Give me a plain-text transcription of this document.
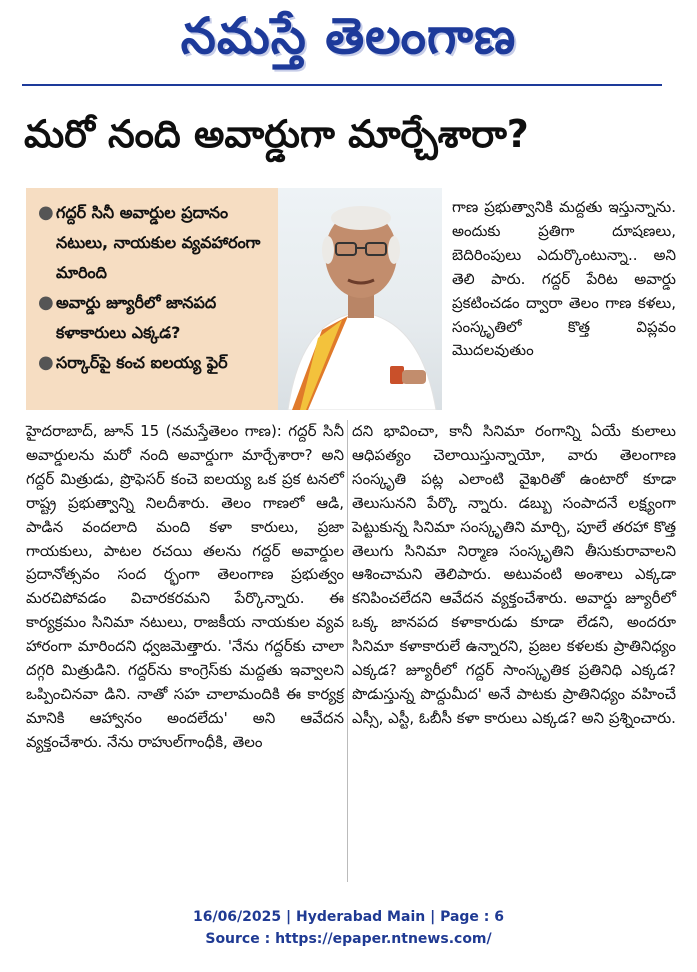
నమస్తే తెలంగాణ
మరో నంది అవార్డుగా మార్చేశారా?
● గద్దర్ సినీ అవార్డుల ప్రదానం నటులు, నాయకుల వ్యవహారంగా మారింది
● అవార్డు జ్యూరీలో జానపద కళాకారులు ఎక్కడ?
● సర్కార్‌పై కంచ ఐలయ్య ఫైర్
గాణ ప్రభుత్వానికి మద్దతు ఇస్తున్నాను. అందుకు ప్రతిగా దూషణలు, బెదిరింపులు ఎదుర్కొంటున్నా.. అని తెలి పారు. గద్దర్ పేరిట అవార్డు ప్రకటించడం ద్వారా తెలం గాణ కళలు, సంస్కృతిలో కొత్త విప్లవం మొదలవుతుం
హైదరాబాద్, జూన్ 15 (నమస్తేతెలం గాణ): గద్దర్ సినీ అవార్డులను మరో నంది అవార్డుగా మార్చేశారా? అని గద్దర్ మిత్రుడు, ప్రొఫెసర్ కంచె ఐలయ్య ఒక ప్రక టనలో రాష్ట్ర ప్రభుత్వాన్ని నిలదీశారు. తెలం గాణలో ఆడి, పాడిన వందలాది మంది కళా కారులు, ప్రజా గాయకులు, పాటల రచయి తలను గద్దర్ అవార్డుల ప్రదానోత్సవం సంద ర్భంగా తెలంగాణ ప్రభుత్వం మరచిపోవడం విచారకరమని పేర్కొన్నారు. ఈ కార్యక్రమం సినిమా నటులు, రాజకీయ నాయకుల వ్యవ హారంగా మారిందని ధ్వజమెత్తారు. 'నేను గద్దర్‌కు చాలా దగ్గరి మిత్రుడిని. గద్దర్‌ను కాంగ్రెస్‌కు మద్దతు ఇవ్వాలని ఒప్పించినవా డిని. నాతో సహ చాలామందికి ఈ కార్యక్ర మానికి ఆహ్వానం అందలేదు' అని ఆవేదన వ్యక్తంచేశారు. నేను రాహుల్‌గాంధీకి, తెలం
దని భావించా, కానీ సినిమా రంగాన్ని ఏయే కులాలు ఆధిపత్యం చెలాయిస్తున్నాయో, వారు తెలంగాణ సంస్కృతి పట్ల ఎలాంటి వైఖరితో ఉంటారో కూడా తెలుసునని పేర్కొ న్నారు. డబ్బు సంపాదనే లక్ష్యంగా పెట్టుకున్న సినిమా సంస్కృతిని మార్చి, పూలే తరహా కొత్త తెలుగు సినిమా నిర్మాణ సంస్కృతిని తీసుకురావాలని ఆశించామని తెలిపారు. అటువంటి అంశాలు ఎక్కడా కనిపించలేదని ఆవేదన వ్యక్తంచేశారు. అవార్డు జ్యూరీలో ఒక్క జానపద కళాకారుడు కూడా లేడని, అందరూ సినిమా కళాకారులే ఉన్నారని, ప్రజల కళలకు ప్రాతినిధ్యం ఎక్కడ? జ్యూరీలో గద్దర్ సాంస్కృతిక ప్రతినిధి ఎక్కడ? పొడుస్తున్న పొద్దుమీద' అనే పాటకు ప్రాతినిధ్యం వహించే ఎస్సీ, ఎస్టీ, ఓబీసీ కళా కారులు ఎక్కడ? అని ప్రశ్నించారు.
16/06/2025 | Hyderabad Main | Page : 6
Source : https://epaper.ntnews.com/
